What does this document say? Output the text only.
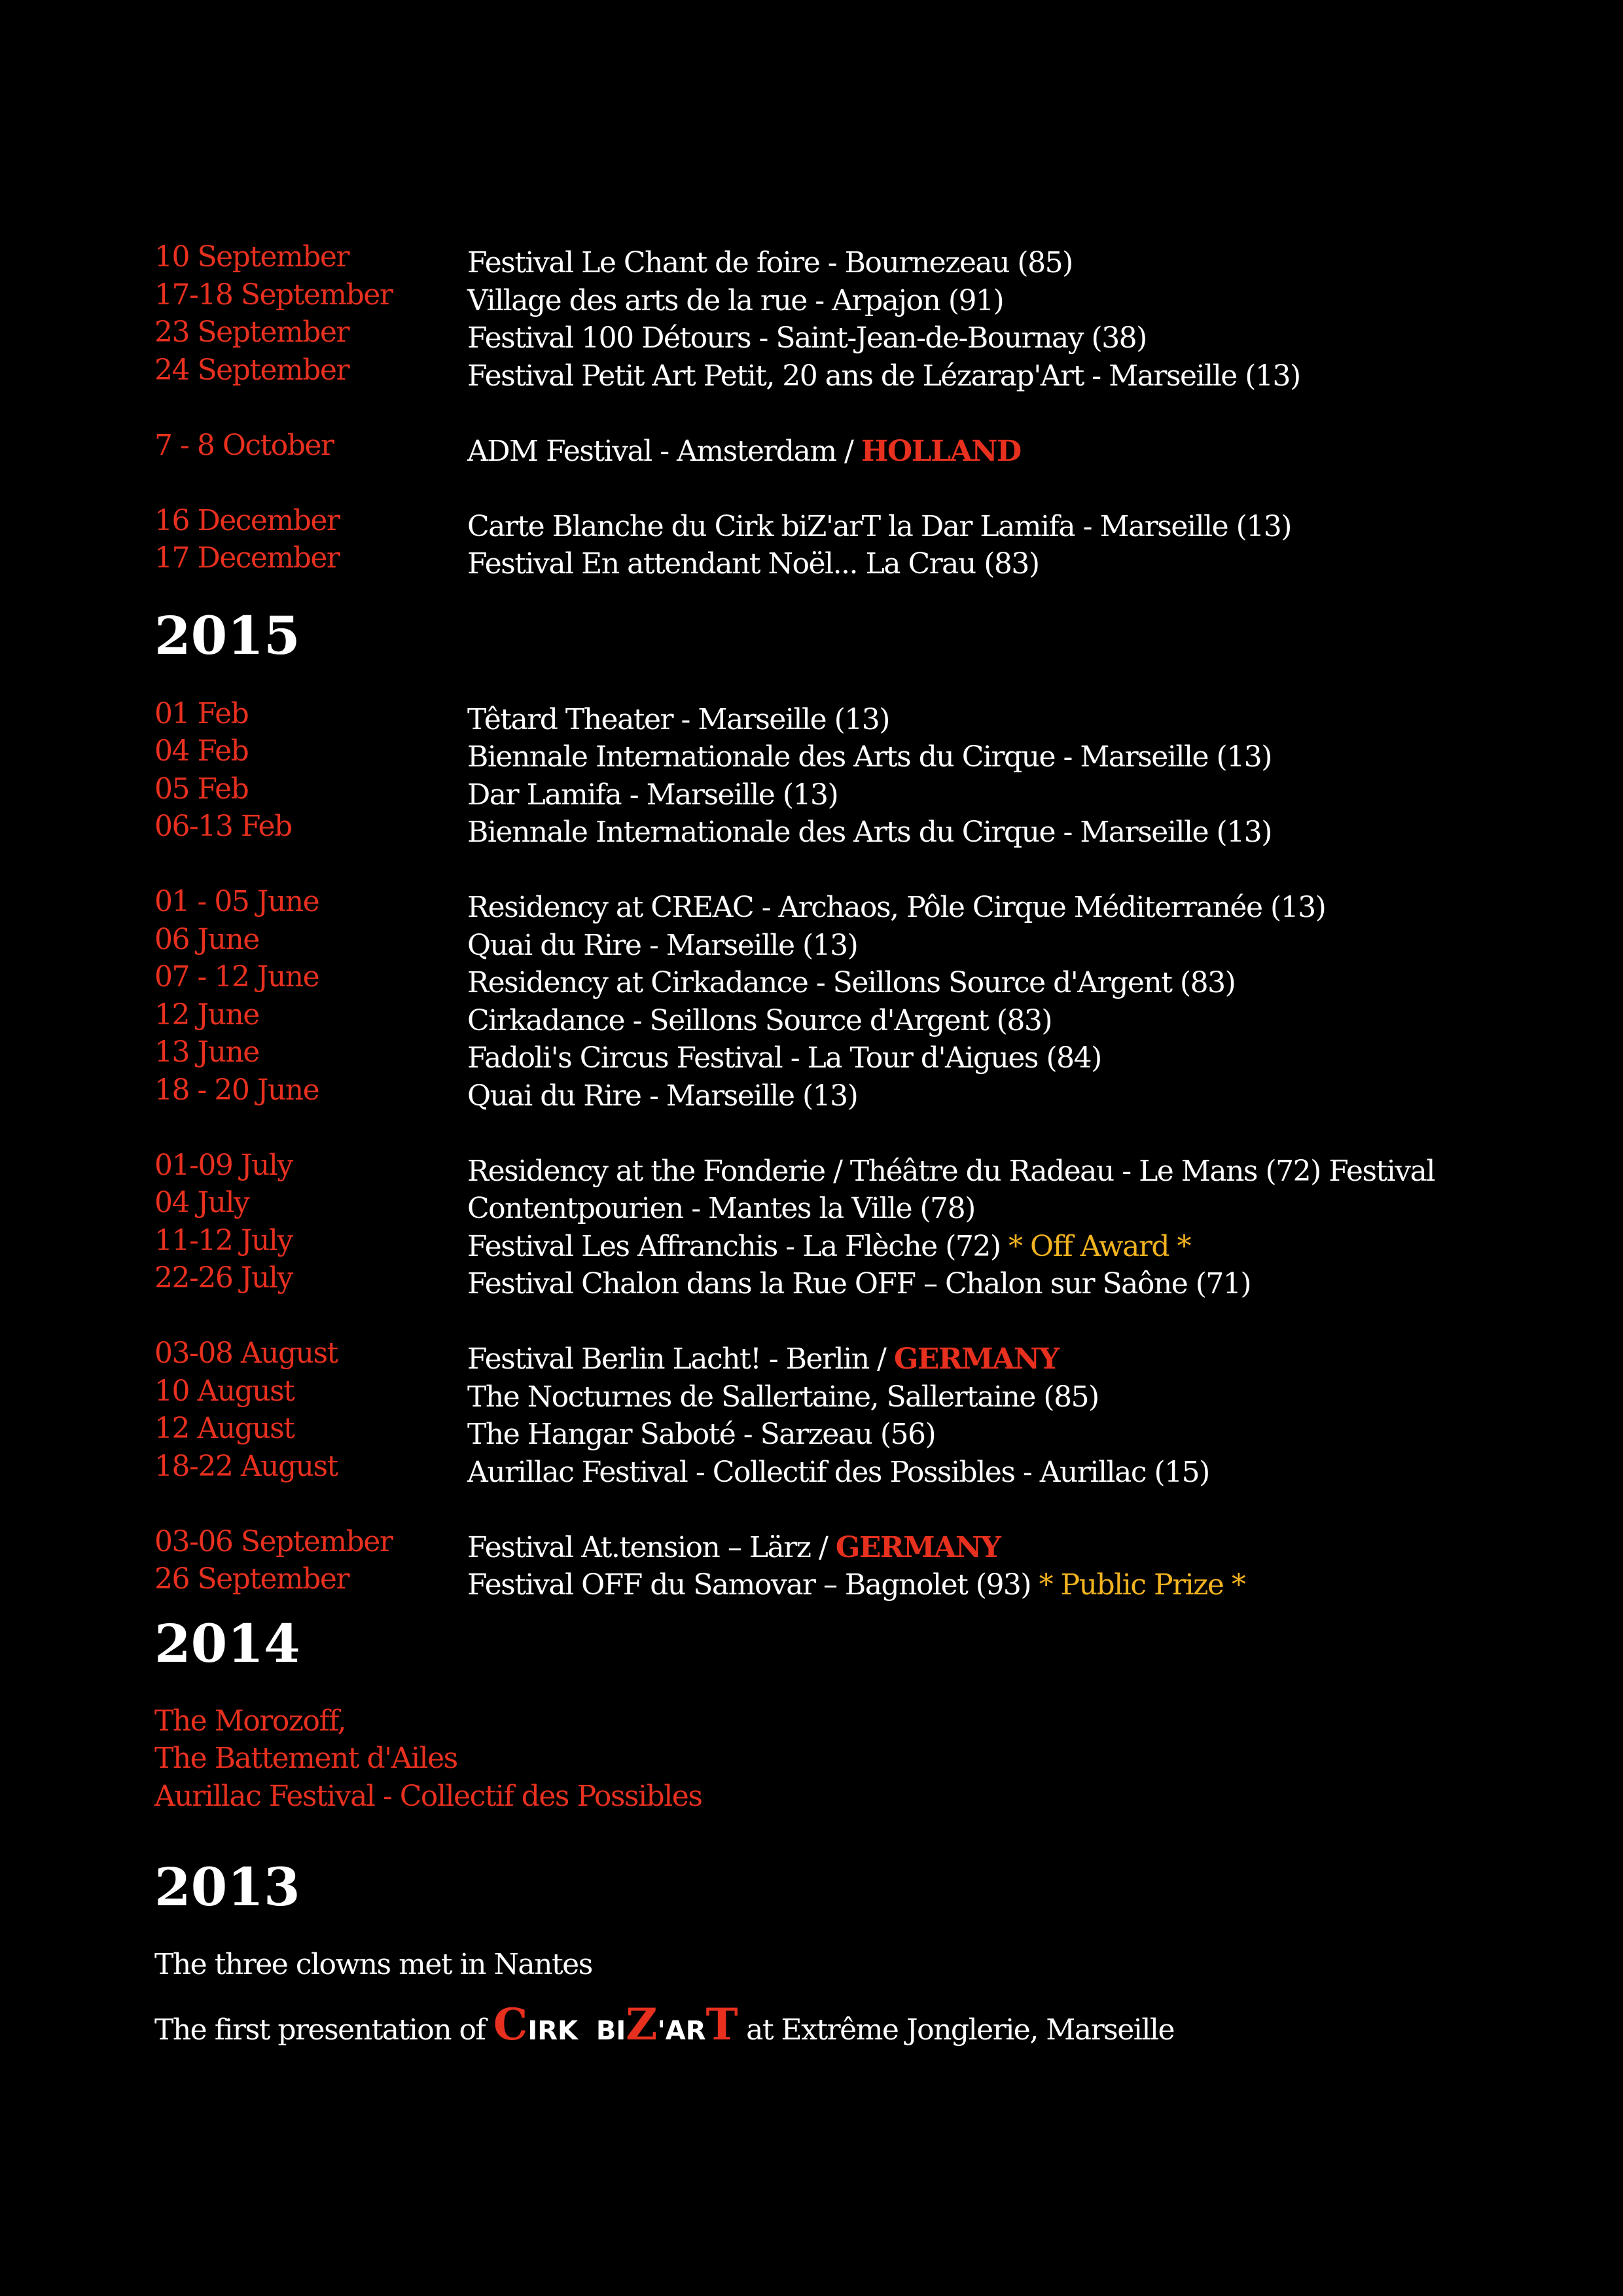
10 September	Festival Le Chant de foire - Bournezeau (85)
17-18 September	Village des arts de la rue - Arpajon (91)
23 September	Festival 100 Détours - Saint-Jean-de-Bournay (38)
24 September	Festival Petit Art Petit, 20 ans de Lézarap'Art - Marseille (13)
7 - 8 October	ADM Festival - Amsterdam / HOLLAND
16 December	Carte Blanche du Cirk biZ'arT la Dar Lamifa - Marseille (13)
17 December	Festival En attendant Noël... La Crau (83)
2015
01 Feb	Têtard Theater - Marseille (13)
04 Feb	Biennale Internationale des Arts du Cirque - Marseille (13)
05 Feb	Dar Lamifa - Marseille (13)
06-13 Feb	Biennale Internationale des Arts du Cirque - Marseille (13)
01 - 05 June	Residency at CREAC - Archaos, Pôle Cirque Méditerranée (13)
06 June	Quai du Rire - Marseille (13)
07 - 12 June	Residency at Cirkadance - Seillons Source d'Argent (83)
12 June	Cirkadance - Seillons Source d'Argent (83)
13 June	Fadoli's Circus Festival - La Tour d'Aigues (84)
18 - 20 June	Quai du Rire - Marseille (13)
01-09 July	Residency at the Fonderie / Théâtre du Radeau - Le Mans (72) Festival
04 July	Contentpourien - Mantes la Ville (78)
11-12 July	Festival Les Affranchis - La Flèche (72) * Off Award *
22-26 July	Festival Chalon dans la Rue OFF – Chalon sur Saône (71)
03-08 August	Festival Berlin Lacht! - Berlin / GERMANY
10 August	The Nocturnes de Sallertaine, Sallertaine (85)
12 August	The Hangar Saboté - Sarzeau (56)
18-22 August	Aurillac Festival - Collectif des Possibles - Aurillac (15)
03-06 September	Festival At.tension – Lärz / GERMANY
26 September	Festival OFF du Samovar – Bagnolet (93) * Public Prize *
2014
The Morozoff,
The Battement d'Ailes
Aurillac Festival - Collectif des Possibles
2013
The three clowns met in Nantes
The first presentation of CIRK BIZ'ART at Extrême Jonglerie, Marseille
